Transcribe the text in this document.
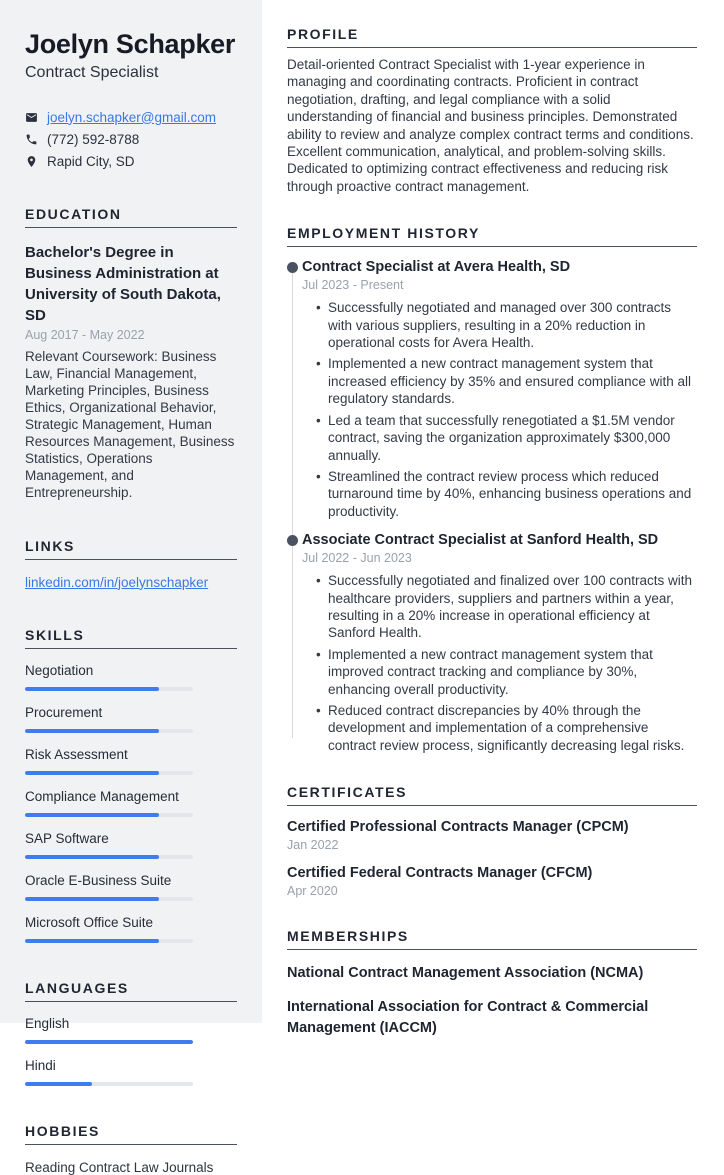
Joelyn Schapker
Contract Specialist
joelyn.schapker@gmail.com
(772) 592-8788
Rapid City, SD
EDUCATION
Bachelor's Degree in Business Administration at University of South Dakota, SD
Aug 2017 - May 2022
Relevant Coursework: Business Law, Financial Management, Marketing Principles, Business Ethics, Organizational Behavior, Strategic Management, Human Resources Management, Business Statistics, Operations Management, and Entrepreneurship.
LINKS
linkedin.com/in/joelynschapker
SKILLS
Negotiation
Procurement
Risk Assessment
Compliance Management
SAP Software
Oracle E-Business Suite
Microsoft Office Suite
LANGUAGES
English
Hindi
HOBBIES
Reading Contract Law Journals
PROFILE

Detail-oriented Contract Specialist with 1-year experience in managing and coordinating contracts. Proficient in contract negotiation, drafting, and legal compliance with a solid understanding of financial and business principles. Demonstrated ability to review and analyze complex contract terms and conditions. Excellent communication, analytical, and problem-solving skills. Dedicated to optimizing contract effectiveness and reducing risk through proactive contract management.

EMPLOYMENT HISTORY
Contract Specialist at Avera Health, SD
Jul 2023 - Present
• Successfully negotiated and managed over 300 contracts with various suppliers, resulting in a 20% reduction in operational costs for Avera Health.
• Implemented a new contract management system that increased efficiency by 35% and ensured compliance with all regulatory standards.
• Led a team that successfully renegotiated a $1.5M vendor contract, saving the organization approximately $300,000 annually.
• Streamlined the contract review process which reduced turnaround time by 40%, enhancing business operations and productivity.
Associate Contract Specialist at Sanford Health, SD
Jul 2022 - Jun 2023
• Successfully negotiated and finalized over 100 contracts with healthcare providers, suppliers and partners within a year, resulting in a 20% increase in operational efficiency at Sanford Health.
• Implemented a new contract management system that improved contract tracking and compliance by 30%, enhancing overall productivity.
• Reduced contract discrepancies by 40% through the development and implementation of a comprehensive contract review process, significantly decreasing legal risks.
CERTIFICATES
Certified Professional Contracts Manager (CPCM)
Jan 2022
Certified Federal Contracts Manager (CFCM)
Apr 2020
MEMBERSHIPS
National Contract Management Association (NCMA)
International Association for Contract & Commercial Management (IACCM)
